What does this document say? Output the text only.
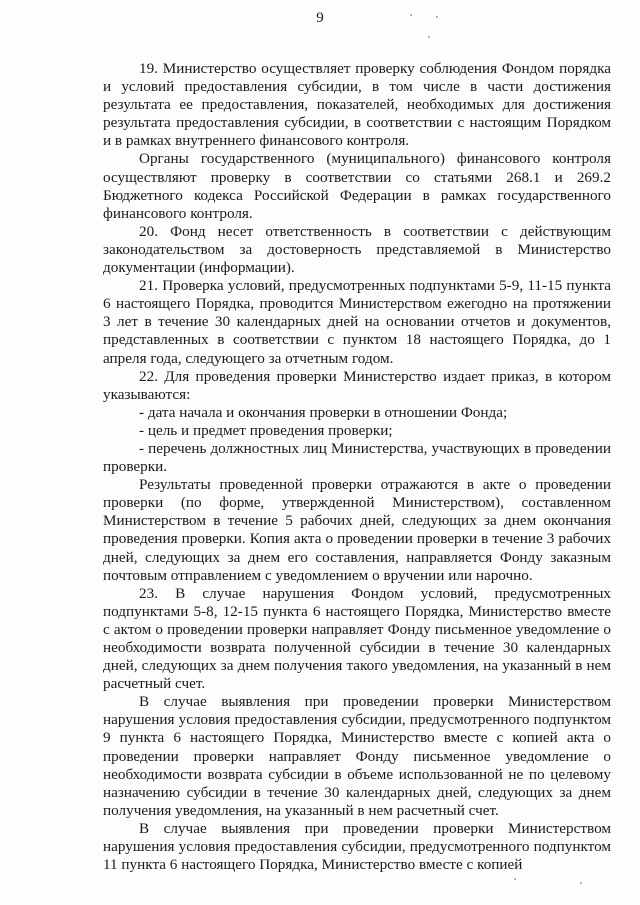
9

19. Министерство осуществляет проверку соблюдения Фондом порядка и условий предоставления субсидии, в том числе в части достижения результата ее предоставления, показателей, необходимых для достижения результата предоставления субсидии, в соответствии с настоящим Порядком и в рамках внутреннего финансового контроля.

Органы государственного (муниципального) финансового контроля осуществляют проверку в соответствии со статьями 268.1 и 269.2 Бюджетного кодекса Российской Федерации в рамках государственного финансового контроля.

20. Фонд несет ответственность в соответствии с действующим законодательством за достоверность представляемой в Министерство документации (информации).

21. Проверка условий, предусмотренных подпунктами 5-9, 11-15 пункта 6 настоящего Порядка, проводится Министерством ежегодно на протяжении 3 лет в течение 30 календарных дней на основании отчетов и документов, представленных в соответствии с пунктом 18 настоящего Порядка, до 1 апреля года, следующего за отчетным годом.

22. Для проведения проверки Министерство издает приказ, в котором указываются:

- дата начала и окончания проверки в отношении Фонда;

- цель и предмет проведения проверки;

- перечень должностных лиц Министерства, участвующих в проведении проверки.

Результаты проведенной проверки отражаются в акте о проведении проверки (по форме, утвержденной Министерством), составленном Министерством в течение 5 рабочих дней, следующих за днем окончания проведения проверки. Копия акта о проведении проверки в течение 3 рабочих дней, следующих за днем его составления, направляется Фонду заказным почтовым отправлением с уведомлением о вручении или нарочно.

23. В случае нарушения Фондом условий, предусмотренных подпунктами 5-8, 12-15 пункта 6 настоящего Порядка, Министерство вместе с актом о проведении проверки направляет Фонду письменное уведомление о необходимости возврата полученной субсидии в течение 30 календарных дней, следующих за днем получения такого уведомления, на указанный в нем расчетный счет.

В случае выявления при проведении проверки Министерством нарушения условия предоставления субсидии, предусмотренного подпунктом 9 пункта 6 настоящего Порядка, Министерство вместе с копией акта о проведении проверки направляет Фонду письменное уведомление о необходимости возврата субсидии в объеме использованной не по целевому назначению субсидии в течение 30 календарных дней, следующих за днем получения уведомления, на указанный в нем расчетный счет.

В случае выявления при проведении проверки Министерством нарушения условия предоставления субсидии, предусмотренного подпунктом 11 пункта 6 настоящего Порядка, Министерство вместе с копией
